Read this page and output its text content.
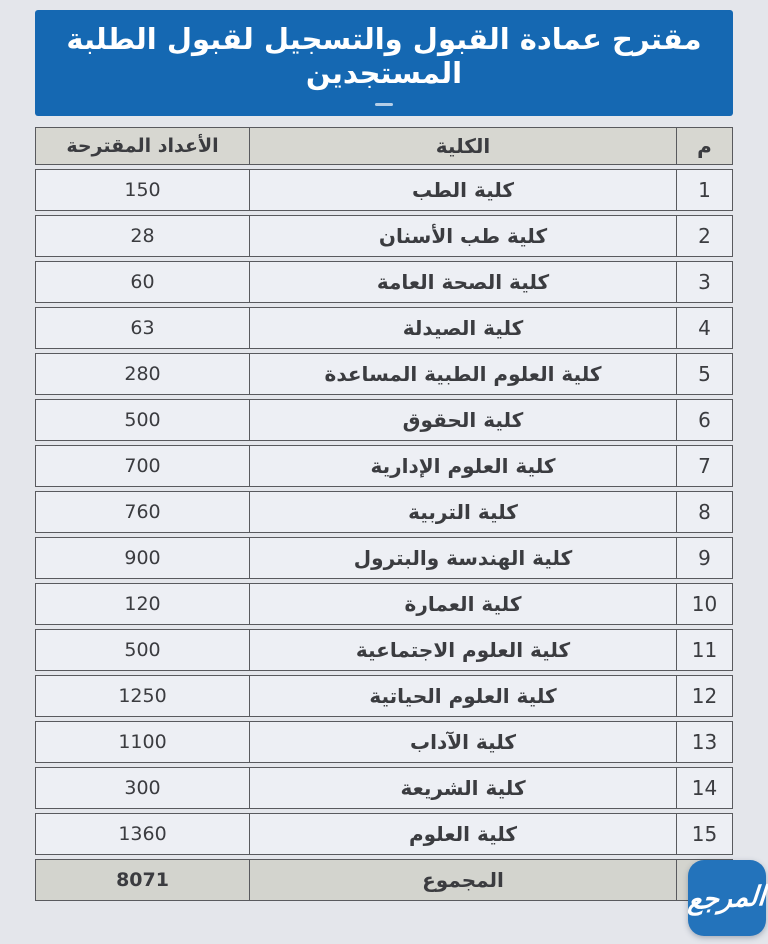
مقترح عمادة القبول والتسجيل لقبول الطلبة المستجدين
م
الكلية
الأعداد المقترحة
1
كلية الطب
150
2
كلية طب الأسنان
28
3
كلية الصحة العامة
60
4
كلية الصيدلة
63
5
كلية العلوم الطبية المساعدة
280
6
كلية الحقوق
500
7
كلية العلوم الإدارية
700
8
كلية التربية
760
9
كلية الهندسة والبترول
900
10
كلية العمارة
120
11
كلية العلوم الاجتماعية
500
12
كلية العلوم الحياتية
1250
13
كلية الآداب
1100
14
كلية الشريعة
300
15
كلية العلوم
1360
المجموع
8071
المرجع
